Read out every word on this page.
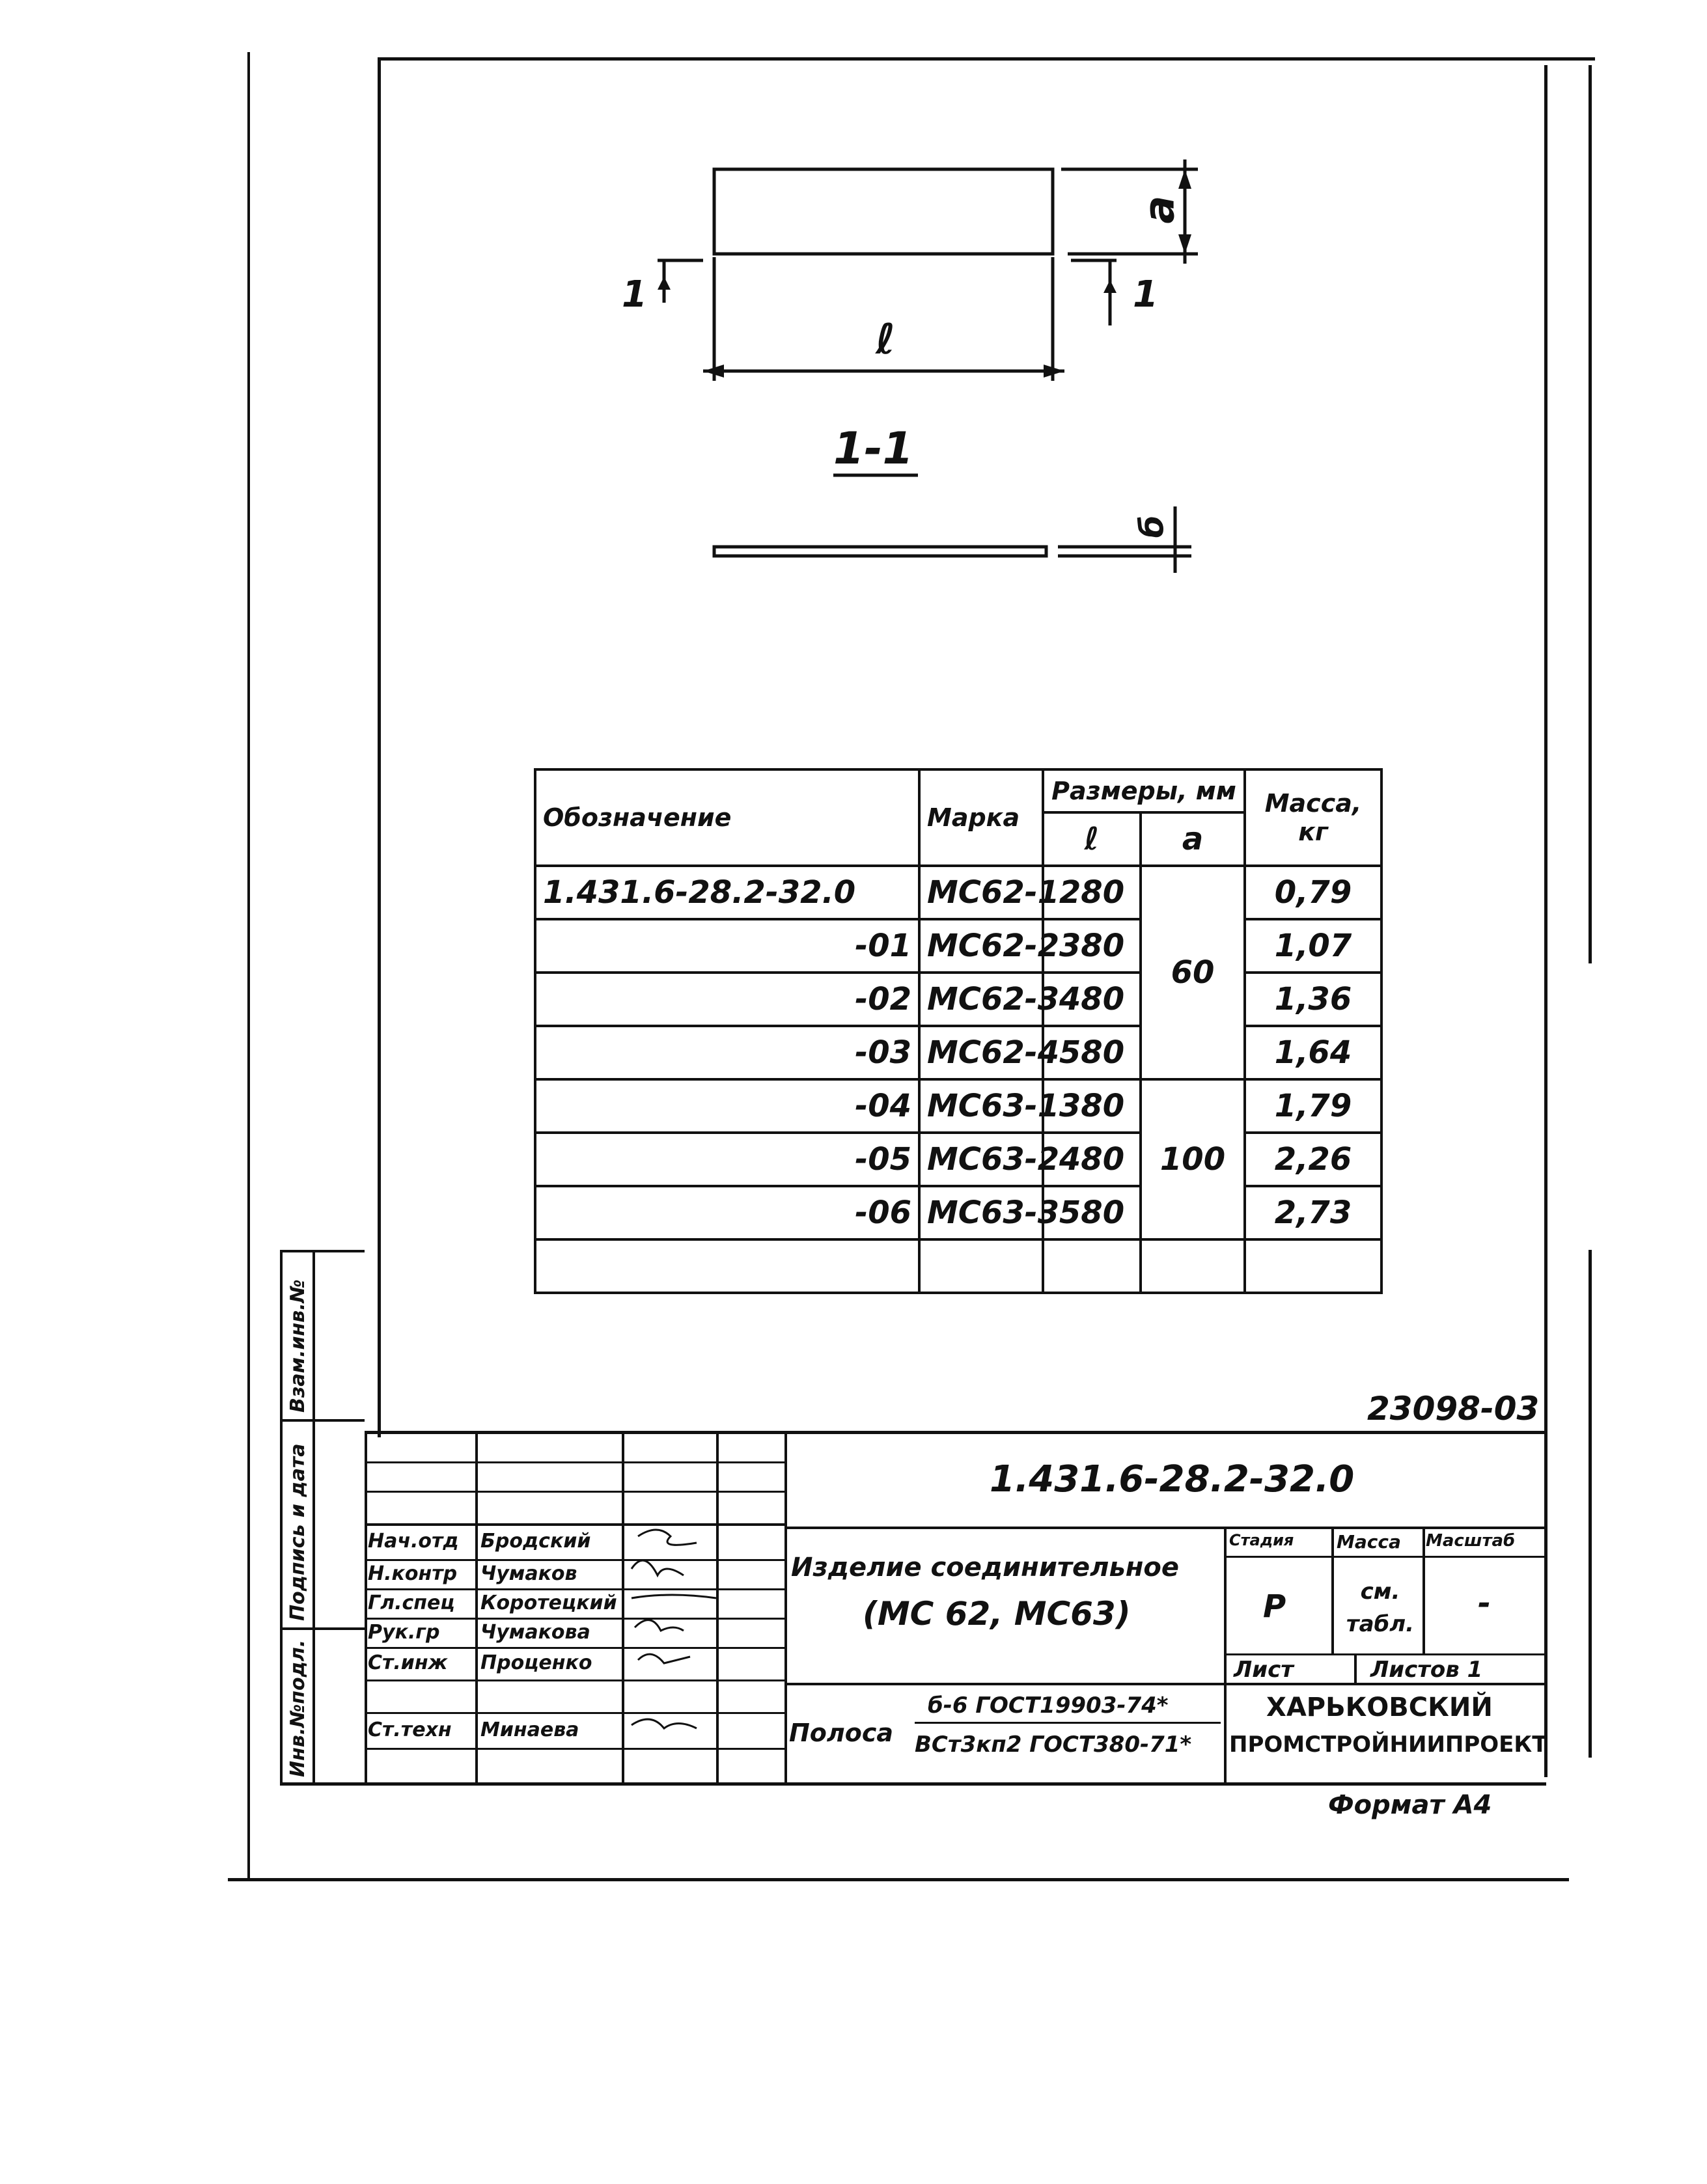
a
ℓ
1	1
1-1
б
Обозначение	Марка	Размеры, мм		Масса, кг
		ℓ	a	
1.431.6-28.2-32.0	МС62-1	280	60	0,79
-01	МС62-2	380		1,07
-02	МС62-3	480		1,36
-03	МС62-4	580		1,64
-04	МС63-1	380	100	1,79
-05	МС63-2	480		2,26
-06	МС63-3	580		2,73

23098-03
Нач.отд Бродский
Н.контр Чумаков
Гл.спец Коротецкий
Рук.гр Чумакова
Ст.инж Проценко
Ст.техн Минаева
1.431.6-28.2-32.0
Изделие соединительное
(МС 62, МС63)
Полоса
б-6 ГОСТ19903-74*
ВСт3кп2 ГОСТ380-71*
Стадия Масса Масштаб
Р	см. табл.
-
Лист	Листов 1
ХАРЬКОВСКИЙ
ПРОМСТРОЙНИИПРОЕКТ
Формат А4
Взам.инв.№
Подпись и дата
Инв.№подл.
